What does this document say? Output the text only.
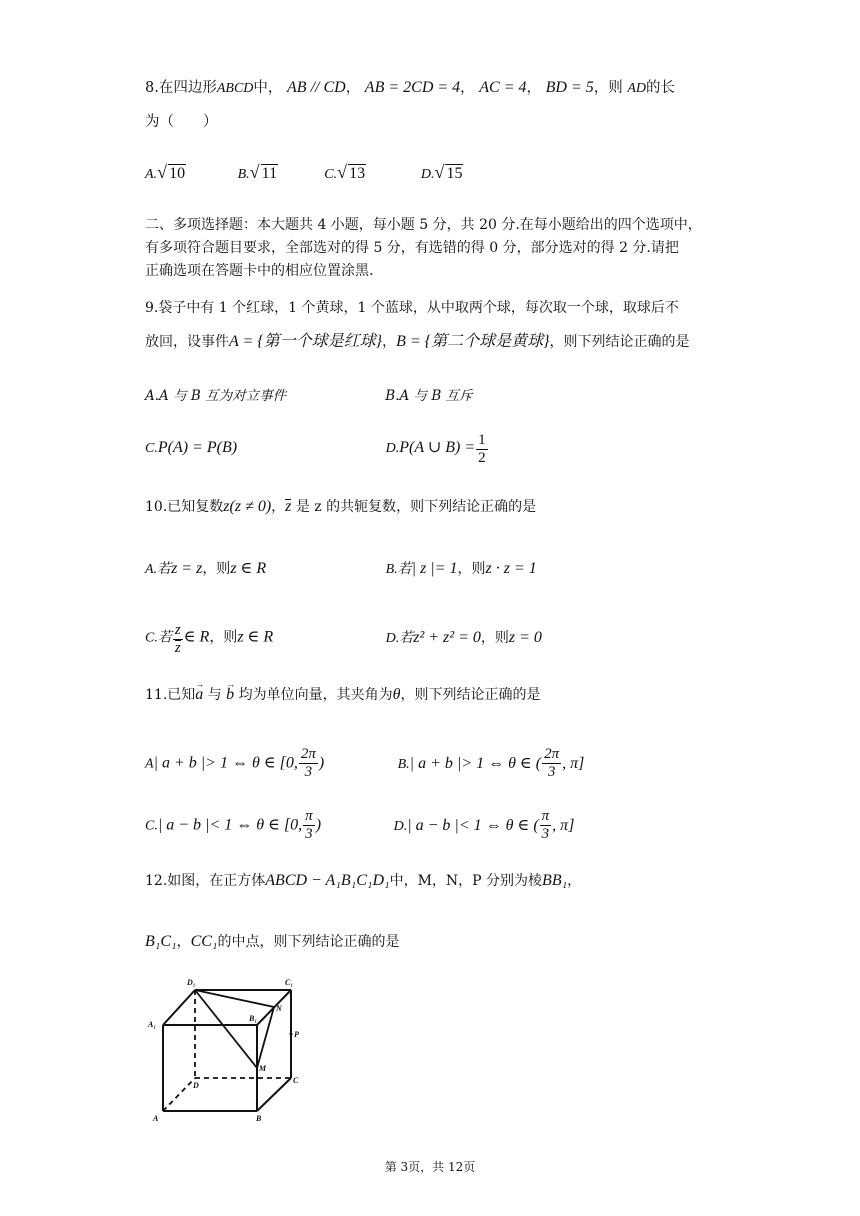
8.在四边形ABCD中， AB // CD， AB = 2CD = 4， AC = 4， BD = 5，则 AD的长
为（　　）
A. √ 10	B. √ 11	C. √ 13	D. √ 15
二、多项选择题：本大题共 4 小题，每小题 5 分，共 20 分.在每小题给出的四个选项中，
有多项符合题目要求，全部选对的得 5 分，有选错的得 0 分，部分选对的得 2 分.请把
正确选项在答题卡中的相应位置涂黑.
9.袋子中有 1 个红球，1 个黄球，1 个蓝球，从中取两个球，每次取一个球，取球后不
放回，设事件A = {第一个球是红球}，B = {第二个球是黄球}，则下列结论正确的是
A.A 与 B 互为对立事件	B.A 与 B 互斥
C.P(A) = P(B)	D.P(A ∪ $B) = \frac{1}{2}$
10.已知复数z(z ≠ 0)，z 是 z 的共轭复数，则下列结论正确的是
A.若z = z，则z ∈ R	B.若| z |= 1，则z · z = 1
C.若 $\frac{z}{z}$ ∈ R，则z ∈ R	D.若z² + z² = 0，则z = 0
11.已知a → 与 b → 均为单位向量，其夹角为θ，则下列结论正确的是
A| a + b |> 1 ⇔ θ ∈ [0, $\frac{2\pi}{3}$ )	B.| a + b |> 1 ⇔ θ ∈ ( $\frac{2\pi}{3}$ , π]
C.| a − b |< 1 ⇔ θ ∈ [0, $\frac{\pi}{3}$ )	D.| a − b |< 1 ⇔ θ ∈ ( $\frac{\pi}{3}$ , π]
12.如图，在正方体ABCD − A₁B₁C₁D₁中，M，N，P 分别为棱BB₁，
B₁C₁，CC₁的中点，则下列结论正确的是
D₁	C₁
A₁
B₁
N
P
M
D
C
A	B
第 3页，共 12页
